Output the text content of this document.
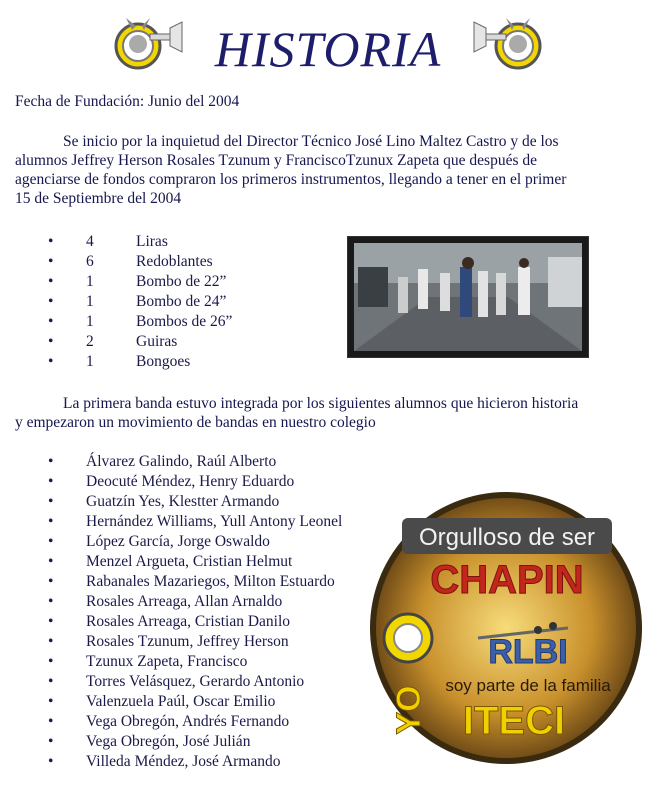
HISTORIA
Fecha de Fundación: Junio del 2004
Se inicio por la inquietud del Director Técnico José Lino Maltez Castro y de los
alumnos Jeffrey Herson Rosales Tzunum y FranciscoTzunux Zapeta que después de
agenciarse de fondos compraron los primeros instrumentos, llegando a tener en el primer
15 de Septiembre del 2004
• 4	Liras
• 6	Redoblantes
• 1	Bombo de 22”
• 1	Bombo de 24”
• 1	Bombos de 26”
• 2	Guiras
• 1	Bongoes
La primera banda estuvo integrada por los siguientes alumnos que hicieron historia
y empezaron un movimiento de bandas en nuestro colegio
• Álvarez Galindo, Raúl Alberto
• Deocuté Méndez, Henry Eduardo
• Guatzín Yes, Klestter Armando
• Hernández Williams, Yull Antony Leonel
• López García, Jorge Oswaldo
• Menzel Argueta, Cristian Helmut
• Rabanales Mazariegos, Milton Estuardo
• Rosales Arreaga, Allan Arnaldo
• Rosales Arreaga, Cristian Danilo
• Rosales Tzunum, Jeffrey Herson
• Tzunux Zapeta, Francisco
• Torres Velásquez, Gerardo Antonio
• Valenzuela Paúl, Oscar Emilio
• Vega Obregón, Andrés Fernando
• Vega Obregón, José Julián
• Villeda Méndez, José Armando
Orgulloso de ser
CHAPIN
RLBI
soy parte de la familia
ITECI
YO
